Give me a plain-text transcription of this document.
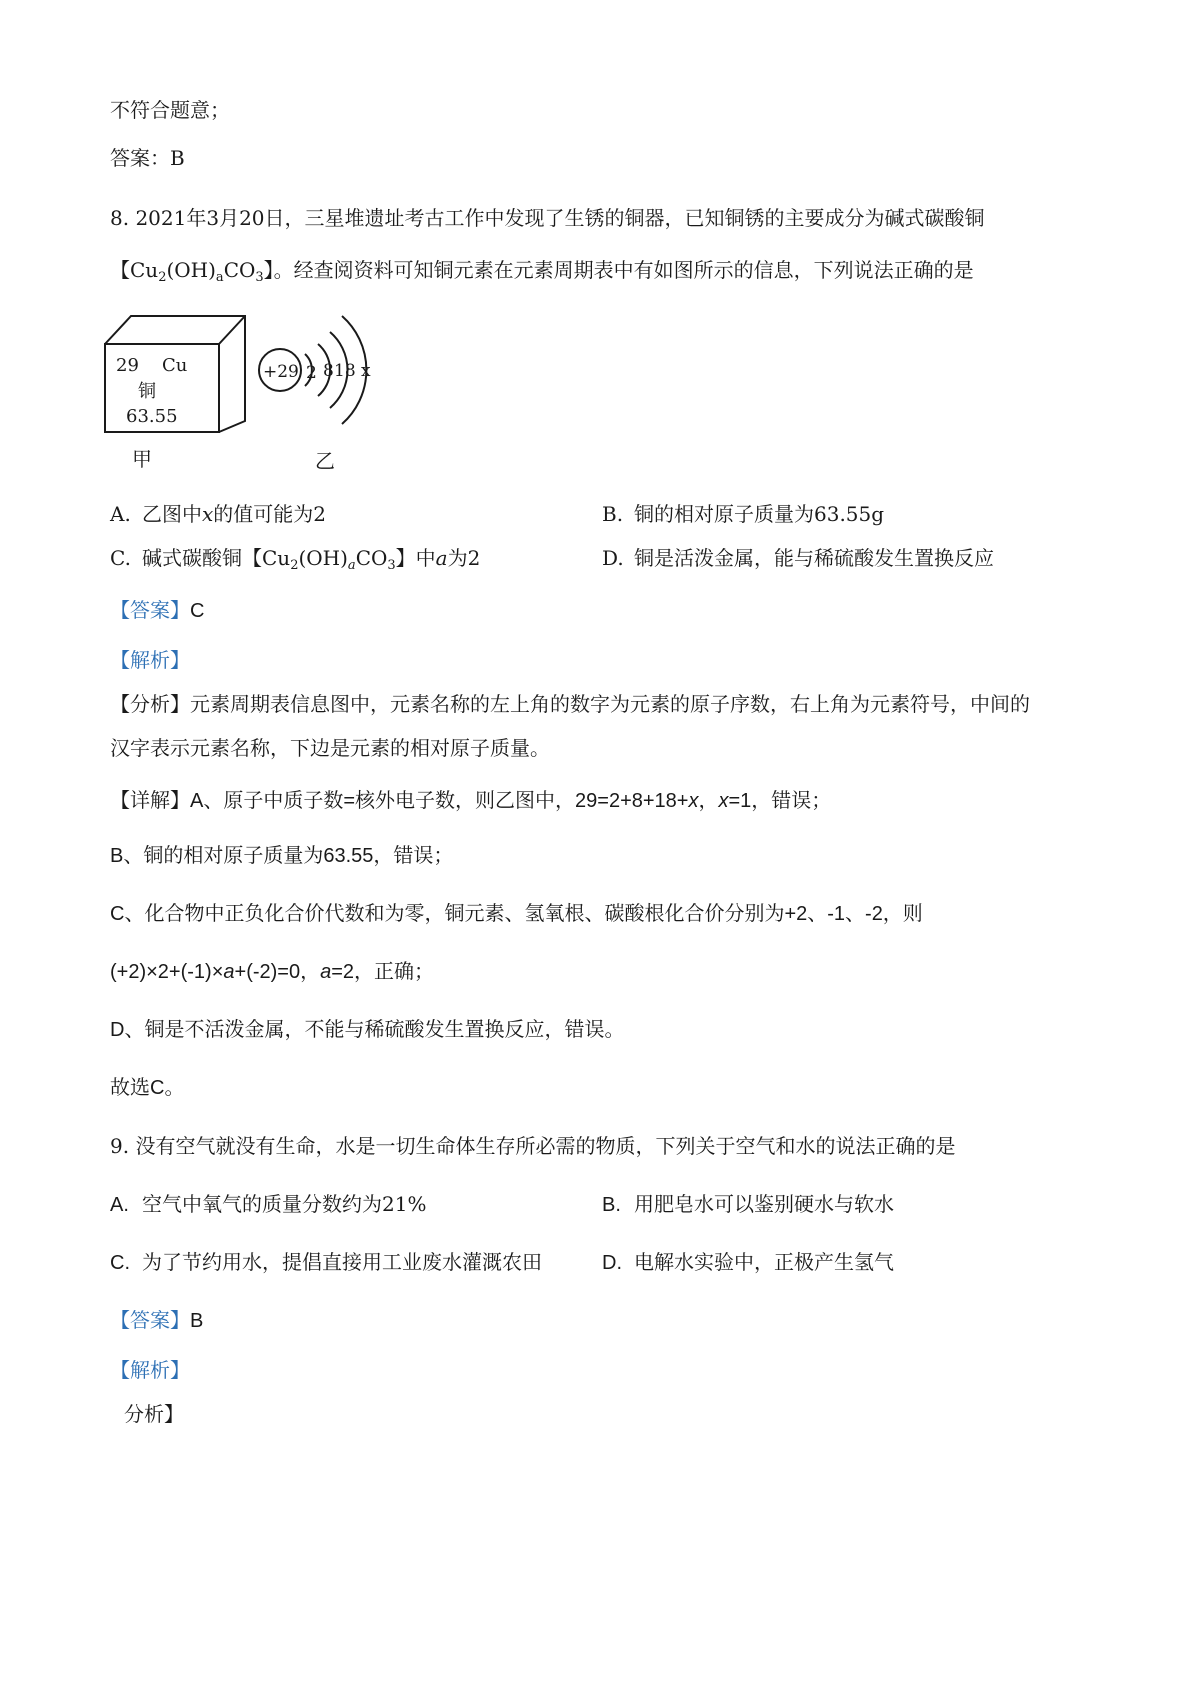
不符合题意；
答案：B
8. 2021年3月20日，三星堆遗址考古工作中发现了生锈的铜器，已知铜锈的主要成分为碱式碳酸铜
【$Cu_2(OH)_aCO_3$】。经查阅资料可知铜元素在元素周期表中有如图所示的信息，下列说法正确的是
29 Cu
铜
63.55
甲
+29 2 8 18 x
乙
A. 乙图中x的值可能为2	B. 铜的相对原子质量为63.55g
C. 碱式碳酸铜【$Cu_2(OH)_aCO_3$】中a为2	D. 铜是活泼金属，能与稀硫酸发生置换反应
【答案】C
【解析】
【分析】元素周期表信息图中，元素名称的左上角的数字为元素的原子序数，右上角为元素符号，中间的
汉字表示元素名称，下边是元素的相对原子质量。
【详解】A、原子中质子数=核外电子数，则乙图中，29=2+8+18+x，x=1，错误；
B、铜的相对原子质量为63.55，错误；
C、化合物中正负化合价代数和为零，铜元素、氢氧根、碳酸根化合价分别为+2、-1、-2，则
(+2)×2+(-1)×a+(-2)=0，a=2，正确；
D、铜是不活泼金属，不能与稀硫酸发生置换反应，错误。
故选C。
9. 没有空气就没有生命，水是一切生命体生存所必需的物质，下列关于空气和水的说法正确的是
A. 空气中氧气的质量分数约为21%	B. 用肥皂水可以鉴别硬水与软水
C. 为了节约用水，提倡直接用工业废水灌溉农田	D. 电解水实验中，正极产生氢气
【答案】B
【解析】
分析】
